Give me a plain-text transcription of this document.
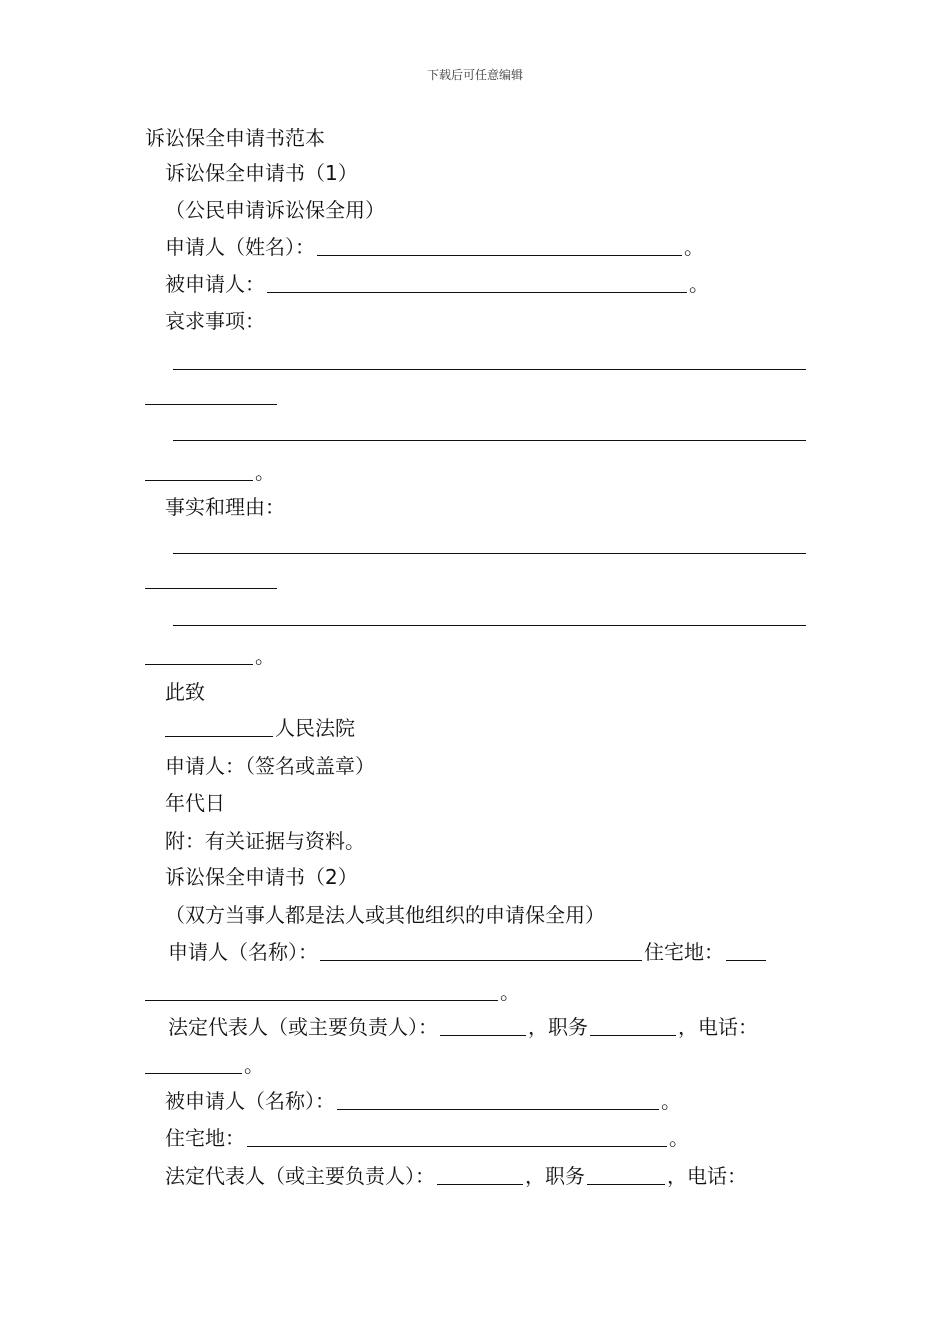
下载后可任意编辑
诉讼保全申请书范本
诉讼保全申请书（1）
（公民申请诉讼保全用）
申请人（姓名）：	。
被申请人：	。
哀求事项：
。
事实和理由：
。
此致
人民法院
申请人：（签名或盖章）
年代日
附：有关证据与资料。
诉讼保全申请书（2）
（双方当事人都是法人或其他组织的申请保全用）
申请人（名称）：	住宅地：
。
法定代表人（或主要负责人）：	，职务	，电话：
。
被申请人（名称）：	。
住宅地：	。
法定代表人（或主要负责人）：	，职务	，电话：
